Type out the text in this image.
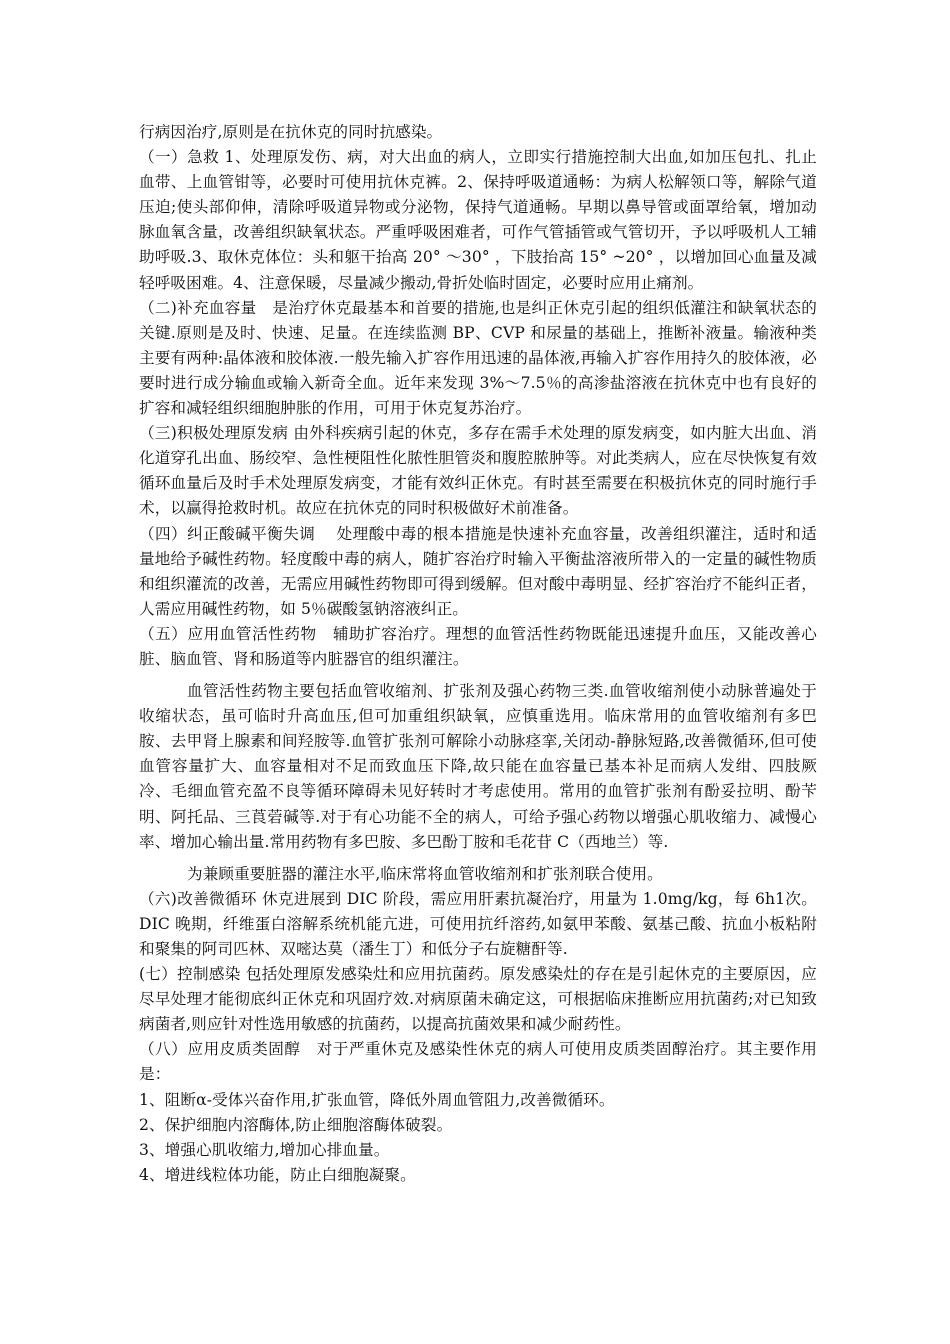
行病因治疗,原则是在抗休克的同时抗感染。

（一）急救 1、处理原发伤、病，对大出血的病人，立即实行措施控制大出血,如加压包扎、扎止血带、上血管钳等，必要时可使用抗休克裤。2、保持呼吸道通畅：为病人松解领口等，解除气道压迫;使头部仰伸，清除呼吸道异物或分泌物，保持气道通畅。早期以鼻导管或面罩给氧，增加动脉血氧含量，改善组织缺氧状态。严重呼吸困难者，可作气管插管或气管切开，予以呼吸机人工辅助呼吸.3、取休克体位：头和躯干抬高 20° ～30° ，下肢抬高 15° ~20° ，以增加回心血量及减轻呼吸困难。4、注意保暖，尽量减少搬动,骨折处临时固定，必要时应用止痛剂。

（二)补充血容量　是治疗休克最基本和首要的措施,也是纠正休克引起的组织低灌注和缺氧状态的关键.原则是及时、快速、足量。在连续监测 BP、CVP 和尿量的基础上，推断补液量。输液种类主要有两种:晶体液和胶体液.一般先输入扩容作用迅速的晶体液,再输入扩容作用持久的胶体液，必要时进行成分输血或输入新奇全血。近年来发现 3%～7.5％的高渗盐溶液在抗休克中也有良好的扩容和减轻组织细胞肿胀的作用，可用于休克复苏治疗。

（三)积极处理原发病 由外科疾病引起的休克，多存在需手术处理的原发病变，如内脏大出血、消化道穿孔出血、肠绞窄、急性梗阻性化脓性胆管炎和腹腔脓肿等。对此类病人，应在尽快恢复有效循环血量后及时手术处理原发病变，才能有效纠正休克。有时甚至需要在积极抗休克的同时施行手术，以赢得抢救时机。故应在抗休克的同时积极做好术前准备。

（四）纠正酸碱平衡失调　 处理酸中毒的根本措施是快速补充血容量，改善组织灌注，适时和适量地给予碱性药物。轻度酸中毒的病人，随扩容治疗时输入平衡盐溶液所带入的一定量的碱性物质和组织灌流的改善，无需应用碱性药物即可得到缓解。但对酸中毒明显、经扩容治疗不能纠正者，人需应用碱性药物，如 5％碳酸氢钠溶液纠正。

（五）应用血管活性药物　辅助扩容治疗。理想的血管活性药物既能迅速提升血压，又能改善心脏、脑血管、肾和肠道等内脏器官的组织灌注。

血管活性药物主要包括血管收缩剂、扩张剂及强心药物三类.血管收缩剂使小动脉普遍处于收缩状态，虽可临时升高血压,但可加重组织缺氧，应慎重选用。临床常用的血管收缩剂有多巴胺、去甲肾上腺素和间羟胺等.血管扩张剂可解除小动脉痉挛,关闭动-静脉短路,改善微循环,但可使血管容量扩大、血容量相对不足而致血压下降,故只能在血容量已基本补足而病人发绀、四肢厥冷、毛细血管充盈不良等循环障碍未见好转时才考虑使用。常用的血管扩张剂有酚妥拉明、酚苄明、阿托品、三莨菪碱等.对于有心功能不全的病人，可给予强心药物以增强心肌收缩力、减慢心率、增加心输出量.常用药物有多巴胺、多巴酚丁胺和毛花苷 C（西地兰）等.

为兼顾重要脏器的灌注水平,临床常将血管收缩剂和扩张剂联合使用。

（六)改善微循环 休克进展到 DIC 阶段，需应用肝素抗凝治疗，用量为 1.0mg/kg，每 6h1次。DIC 晚期，纤维蛋白溶解系统机能亢进，可使用抗纤溶药,如氨甲苯酸、氨基己酸、抗血小板粘附和聚集的阿司匹林、双嘧达莫（潘生丁）和低分子右旋糖酐等.

(七）控制感染 包括处理原发感染灶和应用抗菌药。原发感染灶的存在是引起休克的主要原因，应尽早处理才能彻底纠正休克和巩固疗效.对病原菌未确定这，可根据临床推断应用抗菌药;对已知致病菌者,则应针对性选用敏感的抗菌药，以提高抗菌效果和减少耐药性。

（八）应用皮质类固醇　对于严重休克及感染性休克的病人可使用皮质类固醇治疗。其主要作用是：

1、阻断α-受体兴奋作用,扩张血管，降低外周血管阻力,改善微循环。

2、保护细胞内溶酶体,防止细胞溶酶体破裂。

3、增强心肌收缩力,增加心排血量。

4、增进线粒体功能，防止白细胞凝聚。
